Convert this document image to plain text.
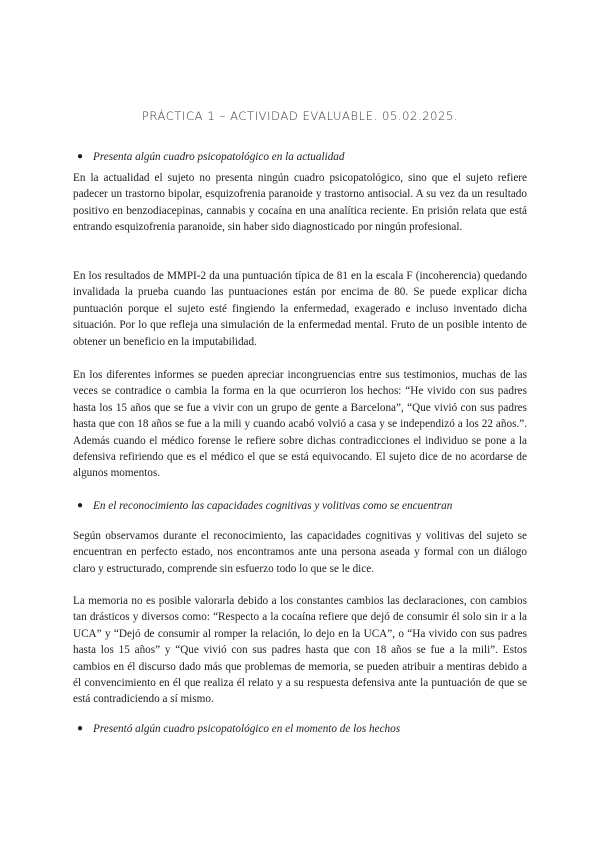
PRÁCTICA 1 – ACTIVIDAD EVALUABLE. 05.02.2025.
● Presenta algún cuadro psicopatológico en la actualidad

En la actualidad el sujeto no presenta ningún cuadro psicopatológico, sino que el sujeto refiere padecer un trastorno bipolar, esquizofrenia paranoide y trastorno antisocial. A su vez da un resultado positivo en benzodiacepinas, cannabis y cocaína en una analítica reciente. En prisión relata que está entrando esquizofrenia paranoide, sin haber sido diagnosticado por ningún profesional.

En los resultados de MMPI-2 da una puntuación típica de 81 en la escala F (incoherencia) quedando invalidada la prueba cuando las puntuaciones están por encima de 80. Se puede explicar dicha puntuación porque el sujeto esté fingiendo la enfermedad, exagerado e incluso inventado dicha situación. Por lo que refleja una simulación de la enfermedad mental. Fruto de un posible intento de obtener un beneficio en la imputabilidad.

En los diferentes informes se pueden apreciar incongruencias entre sus testimonios, muchas de las veces se contradice o cambia la forma en la que ocurrieron los hechos: “He vivido con sus padres hasta los 15 años que se fue a vivir con un grupo de gente a Barcelona”, “Que vivió con sus padres hasta que con 18 años se fue a la mili y cuando acabó volvió a casa y se independizó a los 22 años.”. Además cuando el médico forense le refiere sobre dichas contradicciones el individuo se pone a la defensiva refiriendo que es el médico el que se está equivocando. El sujeto dice de no acordarse de algunos momentos.

● En el reconocimiento las capacidades cognitivas y volitivas como se encuentran

Según observamos durante el reconocimiento, las capacidades cognitivas y volitivas del sujeto se encuentran en perfecto estado, nos encontramos ante una persona aseada y formal con un diálogo claro y estructurado, comprende sin esfuerzo todo lo que se le dice.

La memoria no es posible valorarla debido a los constantes cambios las declaraciones, con cambios tan drásticos y diversos como: “Respecto a la cocaína refiere que dejó de consumir él solo sin ir a la UCA” y “Dejó de consumir al romper la relación, lo dejo en la UCA”, o “Ha vivido con sus padres hasta los 15 años” y “Que vivió con sus padres hasta que con 18 años se fue a la mili”. Estos cambios en él discurso dado más que problemas de memoria, se pueden atribuir a mentiras debido a él convencimiento en él que realiza él relato y a su respuesta defensiva ante la puntuación de que se está contradiciendo a sí mismo.

● Presentó algún cuadro psicopatológico en el momento de los hechos
